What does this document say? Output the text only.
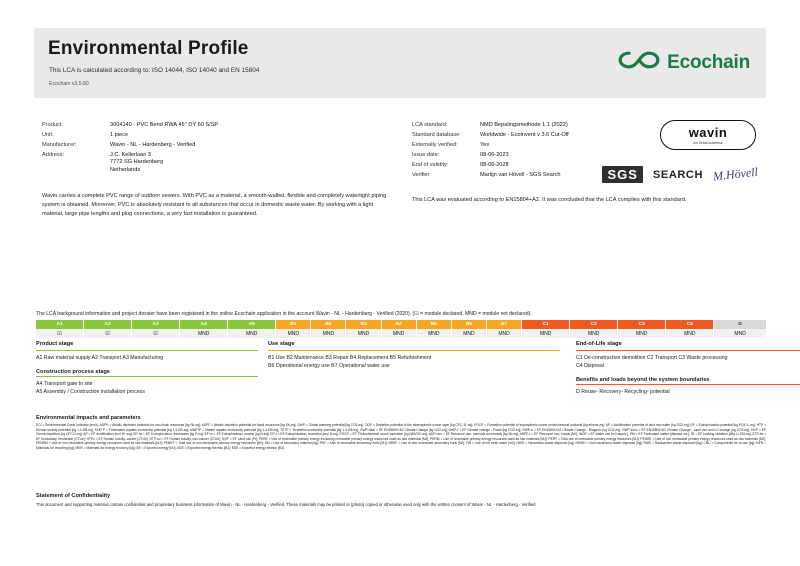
Environmental Profile
This LCA is calculated according to: ISO 14044, ISO 14040 and EN 15804
Ecochain v3.5.80
Ecochain
Product:	3004140 - PVC Bend RWA 45° DY 60 S/SP
Unit:	1 piece
Manufacturer:	Wavin - NL - Hardenberg - Verified
Address:	J.C. Kellerlaan 3
7772 SG Hardenberg
Netherlands
LCA standard:	NMD Bepalingsmethode 1.1 (2022)
Standard database:	Worldwide - Ecoinvent v 3.6 Cut-Off
Externally verified:	Yes
Issue date:	08-06-2023
End of validity:	08-06-2028
Verifier:	Martijn van Hövell - SGS Search
Wavin carries a complete PVC range of outdoor sewers. With PVC as a material, a smooth-walled, flexible and completely watertight piping system is obtained. Moreover, PVC is absolutely resistant to all substances that occur in domestic waste water. By working with a light material, large pipe lengths and plug connections, a very fast installation is guaranteed.
This LCA was evaluated according to EN15804+A2. It was concluded that the LCA complies with this standard.
wavin
An Orbia business
SGS	SEARCH M.Hövell
The LCA background information and project dossier have been registered in the online Ecochain application in the account Wavin - NL - Hardenberg - Verified (2020). (☑ = module declared, MND = module not declared).
A1	A2	A3	A4	A5	B1	B2	B3	B4	B5	B6	B7	C1	C2	C3	C4	D
☑	☑	☑	MND	MND	MND	MND	MND	MND	MND	MND	MND	MND	MND	MND	MND	MND
Product stage
A1 Raw material supply A2 Transport A3 Manufacturing
Construction process stage
A4 Transport gate to site
A5 Assembly / Construction installation process
Use stage
B1 Use B2 Maintenance B3 Repair B4 Replacement B5 Refurbishment
B6 Operational energy use B7 Operational water use
End-of-Life stage
C1 De-construction demolition C2 Transport C3 Waste processing
C4 Disposal
Benefits and loads beyond the system boundaries
D Reuse- Recovery- Recycling- potential
Environmental impacts and parameters
ECI = Environmental Costs Indicator [euro]; ADPE = Abiotic depletion potential for non-fossil resources [kg Sb-eq]; ADPF = Abiotic depletion potential for fossil resources [kg Sb-eq]; GWP = Global warming potential [kg CO2-eq]; ODP = Depletion potential of the stratospheric ozone layer [kg CFC-11-eq]; POCP = Formation potential of tropospheric ozone photochemical oxidants [kg ethene-eq]; AP = Acidification potential of land and water [kg SO2-eq]; EP = Eutrophication potential [kg PO4 3--eq]; HTP = Human toxicity potential [kg 1,4-DB-eq]; FAETP = Freshwater aquatic ecotoxicity potential [kg 1,4-DB-eq]; MAETP = Marine aquatic ecotoxicity potential [kg 1,4-DB-eq]; TETP = Terrestrial ecotoxicity potential [kg 1,4-DB-eq]; GWP-total = EF EN15804+A2 Climate Change [kg CO2-eq]; GWP-f = EF Climate change - Fossil [kg CO2-eq]; GWP-b = EF EN15804+A2 Climate Change - Biogenic [kg CO2-eq]; GWP-luluc = EF EN15804+A2 Climate Change - Land use and LU change [kg CO2-eq]; ODP = EF Ozone depletion [kg CFC11-eq]; AP = EF Acidification [mol H+-eq]; EP-fw = EF Eutrophication, freshwater [kg P-eq]; EP-m = EF Eutrophication, marine [kg N-eq]; EP-t = EF Eutrophication, terrestrial [mol N-eq]; POCP = EF Photochemical ozone formation [kg NMVOC-eq]; ADP-non = EF Resource use, minerals and metals [kg Sb-eq]; ADPF-f = EF Resource use, fossils [MJ]; WDP = EF Water use [m3 depriv.]; PM = EF Particulate matter [disease inc.]; IR = EF Ionising radiation [kBq U-235-eq]; ETP-fw = EF Ecotoxicity, freshwater [CTUe]; HTPc = EF Human toxicity, cancer [CTUh]; HTP-nc = EF Human toxicity, non-cancer [CTUh]; SQP = EF Land use [Pt]; PERE = Use of renewable primary energy excluding renewable primary energy resources used as raw materials [MJ]; PERM = Use of renewable primary energy resources used as raw materials [MJ]; PERT = Total use of renewable primary energy resources [MJ]; PENRE = Use of non renewable primary energy resources used as raw materials [MJ]; PENRM = Use of non-renewable primary energy resources used as raw materials [MJ]; PENRT = Total use of non-renewable primary energy resources [MJ]; SM = Use of secondary material [kg]; RSF = Use of renewable secondary fuels [MJ]; NRSF = Use of non-renewable secondary fuels [MJ]; FW = Use of net fresh water [m3]; HWD = Hazardous waste disposed [kg]; NHWD = Non-hazardous waste disposed [kg]; RWD = Radioactive waste disposed [kg]; CRU = Components for re-use [kg]; MFR = Materials for recycling [kg]; MER = Materials for energy recovery [kg]; EE = Exported energy [MJ]; EEE = Exported energy thermic [MJ]; EEE = Exported energy electric [MJ].
Statement of Confidentiality
This document and supporting material contain confidential and proprietary business information of Wavin - NL - Hardenberg - Verified. These materials may be printed or (photo) copied or otherwise used only with the written consent of Wavin - NL - Hardenberg - Verified.
